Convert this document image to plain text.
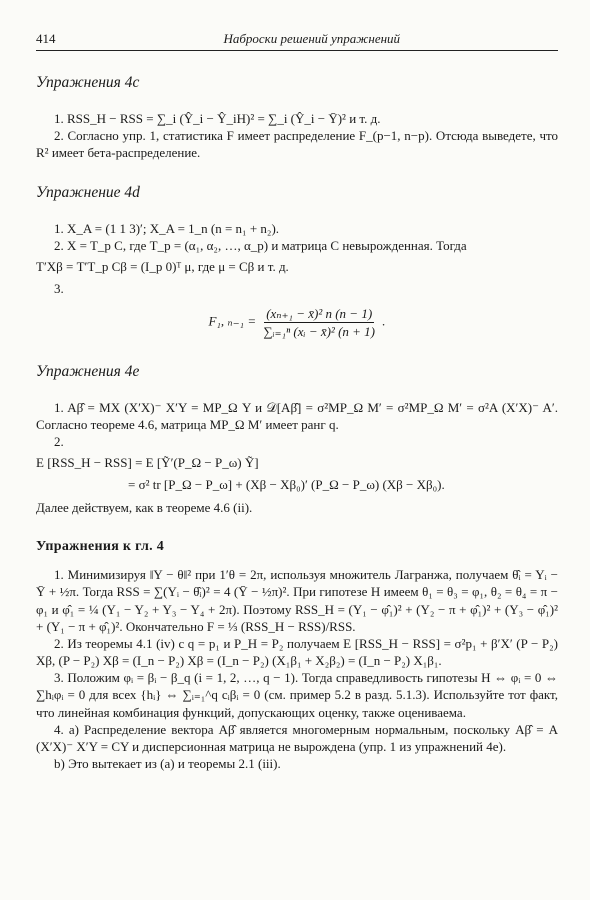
414	Наброски решений упражнений
Упражнения 4c

1. RSS_H − RSS = ∑_i (Ŷ_i − Ŷ_iH)² = ∑_i (Ŷ_i − Ȳ)² и т. д.

2. Согласно упр. 1, статистика F имеет распределение F_(p−1, n−p). Отсюда выведете, что R² имеет бета-распределение.

Упражнение 4d

1. X_A = (1 1 3)′; X_A = 1_n (n = n₁ + n₂).

2. X = T_p C, где T_p = (α₁, α₂, …, α_p) и матрица C невырожденная. Тогда

T′Xβ = T′T_p Cβ = (I_p 0)ᵀ μ, где μ = Cβ и т. д.

3.

F₁, $_{n-1} = \frac{\text{(xₙ₊₁ − x̄)² n (n − 1)}}{\text{∑ᵢ₌₁ⁿ (xᵢ − x̄)² (n + 1)}}$ .
Упражнения 4e

1. Aβ̂ = MX (X′X)⁻ X′Y = MP_Ω Y и 𝒟[Aβ̂] = σ²MP_Ω M′ = σ²MP_Ω M′ = σ²A (X′X)⁻ A′. Согласно теореме 4.6, матрица MP_Ω M′ имеет ранг q.

2.

E [RSS_H − RSS] = E [Ỹ′(P_Ω − P_ω) Ỹ]

= σ² tr [P_Ω − P_ω] + (Xβ − Xβ₀)′ (P_Ω − P_ω) (Xβ − Xβ₀).

Далее действуем, как в теореме 4.6 (ii).

Упражнения к гл. 4

1. Минимизируя ‖Y − θ‖² при 1′θ = 2π, используя множитель Лагранжа, получаем θ̂ᵢ = Yᵢ − Ȳ + ½π. Тогда RSS = ∑(Yᵢ − θ̂ᵢ)² = 4 (Ȳ − ½π)². При гипотезе H имеем θ₁ = θ₃ = φ₁, θ₂ = θ₄ = π − φ₁ и φ̂₁ = ¼ (Y₁ − Y₂ + Y₃ − Y₄ + 2π). Поэтому RSS_H = (Y₁ − φ̂₁)² + (Y₂ − π + φ̂₁)² + (Y₃ − φ̂₁)² + (Y₁ − π + φ̂₁)². Окончательно F = ⅓ (RSS_H − RSS)/RSS.

2. Из теоремы 4.1 (iv) с q = p₁ и P_H = P₂ получаем E [RSS_H − RSS] = σ²p₁ + β′X′ (P − P₂) Xβ, (P − P₂) Xβ = (I_n − P₂) Xβ = (I_n − P₂) (X₁β₁ + X₂β₂) = (I_n − P₂) X₁β₁.

3. Положим φᵢ = βᵢ − β_q (i = 1, 2, …, q − 1). Тогда справедливость гипотезы H ⇔ φᵢ = 0 ⇔ ∑hᵢφᵢ = 0 для всех {hᵢ} ⇔ ∑ᵢ₌₁^q cᵢβᵢ = 0 (см. пример 5.2 в разд. 5.1.3). Используйте тот факт, что линейная комбинация функций, допускающих оценку, также оцениваема.

4. a) Распределение вектора Aβ̂ является многомерным нормальным, поскольку Aβ̂ = A (X′X)⁻ X′Y = CY и дисперсионная матрица не вырождена (упр. 1 из упражнений 4e).

b) Это вытекает из (a) и теоремы 2.1 (iii).
